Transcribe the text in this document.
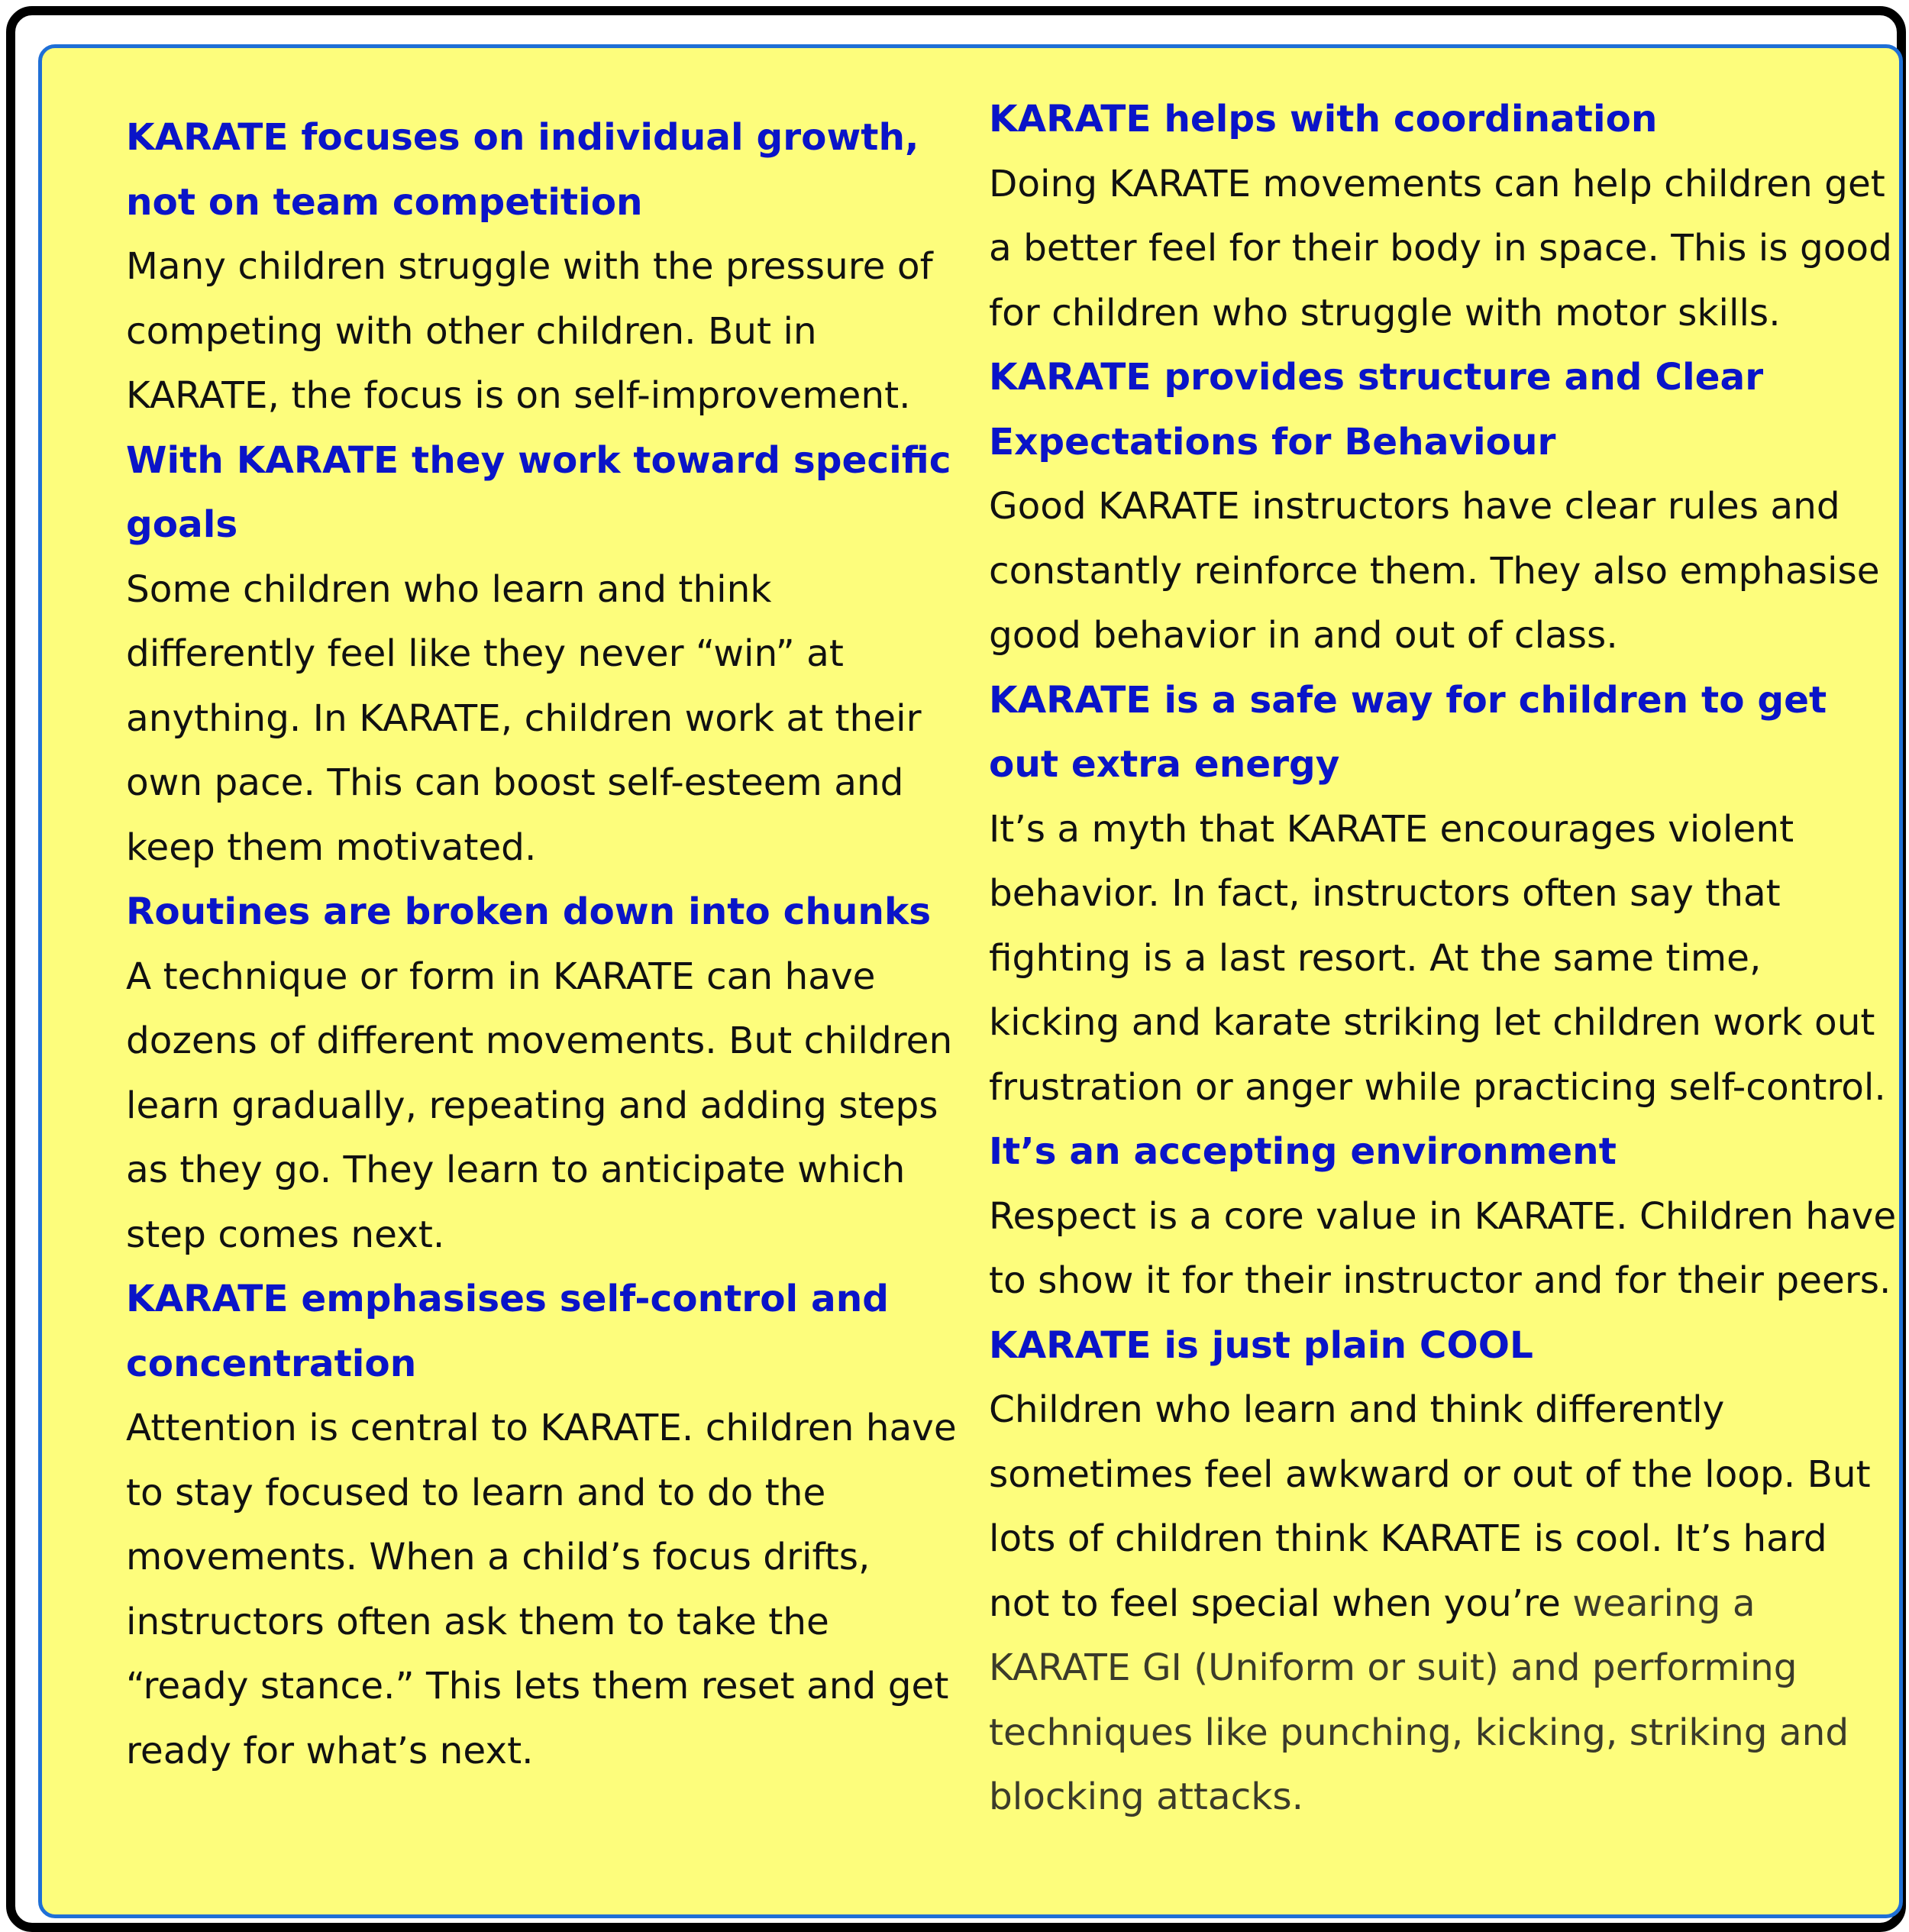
KARATE focuses on individual growth, not on team competition

Many children struggle with the pressure of competing with other children. But in KARATE, the focus is on self-improvement.

With KARATE they work toward specific goals

Some children who learn and think differently feel like they never “win” at anything. In KARATE, children work at their own pace. This can boost self-esteem and keep them motivated.

Routines are broken down into chunks

A technique or form in KARATE can have dozens of different movements. But children learn gradually, repeating and adding steps as they go. They learn to anticipate which step comes next.

KARATE emphasises self-control and concentration

Attention is central to KARATE. children have to stay focused to learn and to do the movements. When a child’s focus drifts, instructors often ask them to take the “ready stance.” This lets them reset and get ready for what’s next.

KARATE helps with coordination

Doing KARATE movements can help children get a better feel for their body in space. This is good for children who struggle with motor skills.

KARATE provides structure and Clear Expectations for Behaviour

Good KARATE instructors have clear rules and constantly reinforce them. They also emphasise good behavior in and out of class.

KARATE is a safe way for children to get out extra energy

It’s a myth that KARATE encourages violent behavior. In fact, instructors often say that fighting is a last resort. At the same time, kicking and karate striking let children work out frustration or anger while practicing self-control.

It’s an accepting environment

Respect is a core value in KARATE. Children have to show it for their instructor and for their peers.

KARATE is just plain COOL

Children who learn and think differently sometimes feel awkward or out of the loop. But lots of children think KARATE is cool. It’s hard not to feel special when you’re wearing a KARATE GI (Uniform or suit) and performing techniques like punching, kicking, striking and blocking attacks.
